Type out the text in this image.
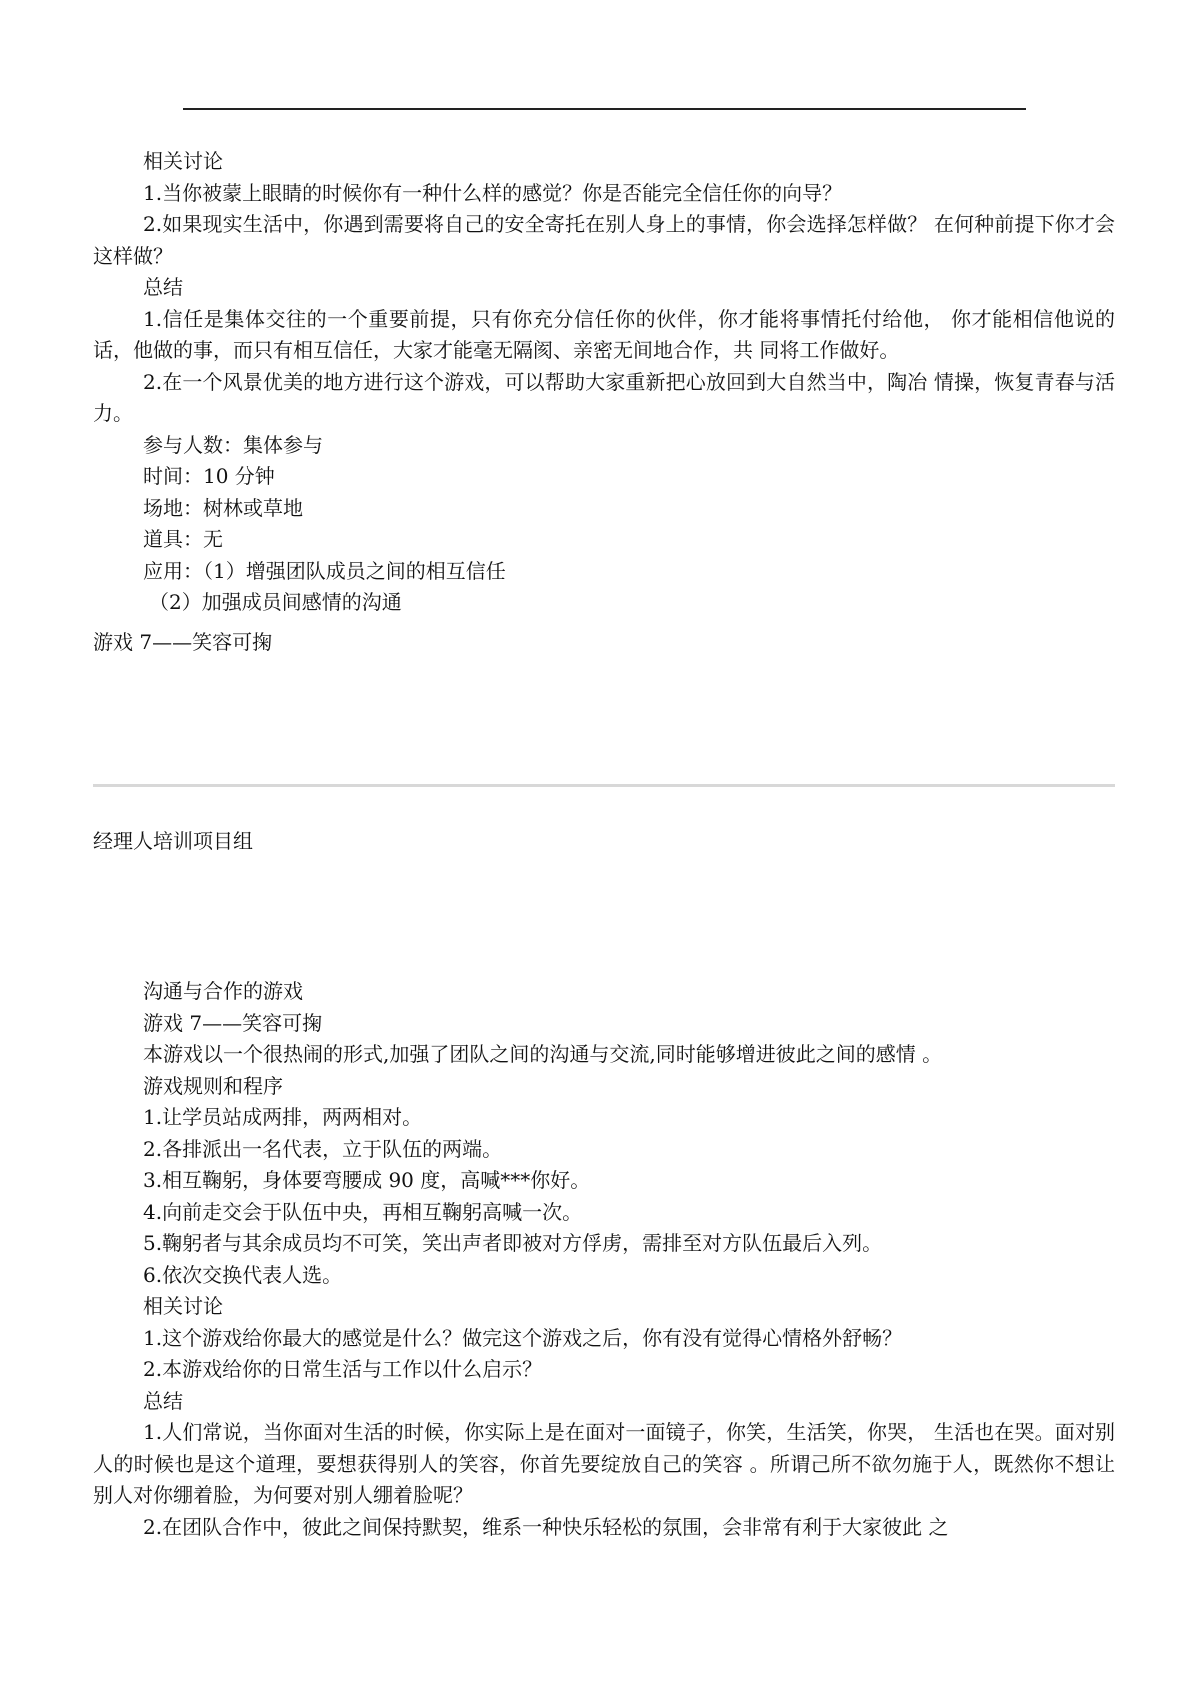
相关讨论
1.当你被蒙上眼睛的时候你有一种什么样的感觉？你是否能完全信任你的向导？
2.如果现实生活中，你遇到需要将自己的安全寄托在别人身上的事情，你会选择怎样做？ 在何种前提下你才会这样做？
总结
1.信任是集体交往的一个重要前提，只有你充分信任你的伙伴，你才能将事情托付给他， 你才能相信他说的话，他做的事，而只有相互信任，大家才能毫无隔阂、亲密无间地合作，共 同将工作做好。
2.在一个风景优美的地方进行这个游戏，可以帮助大家重新把心放回到大自然当中，陶冶 情操，恢复青春与活力。
参与人数：集体参与
时间：10 分钟
场地：树林或草地
道具：无
应用：（1）增强团队成员之间的相互信任
（2）加强成员间感情的沟通
游戏 7——笑容可掬
经理人培训项目组
沟通与合作的游戏
游戏 7——笑容可掬
本游戏以一个很热闹的形式,加强了团队之间的沟通与交流,同时能够增进彼此之间的感情 。
游戏规则和程序
1.让学员站成两排，两两相对。
2.各排派出一名代表，立于队伍的两端。
3.相互鞠躬，身体要弯腰成 90 度，高喊***你好。
4.向前走交会于队伍中央，再相互鞠躬高喊一次。
5.鞠躬者与其余成员均不可笑，笑出声者即被对方俘虏，需排至对方队伍最后入列。
6.依次交换代表人选。
相关讨论
1.这个游戏给你最大的感觉是什么？做完这个游戏之后，你有没有觉得心情格外舒畅？
2.本游戏给你的日常生活与工作以什么启示？
总结
1.人们常说，当你面对生活的时候，你实际上是在面对一面镜子，你笑，生活笑，你哭， 生活也在哭。面对别人的时候也是这个道理，要想获得别人的笑容，你首先要绽放自己的笑容 。所谓己所不欲勿施于人，既然你不想让别人对你绷着脸，为何要对别人绷着脸呢？
2.在团队合作中，彼此之间保持默契，维系一种快乐轻松的氛围，会非常有利于大家彼此 之
